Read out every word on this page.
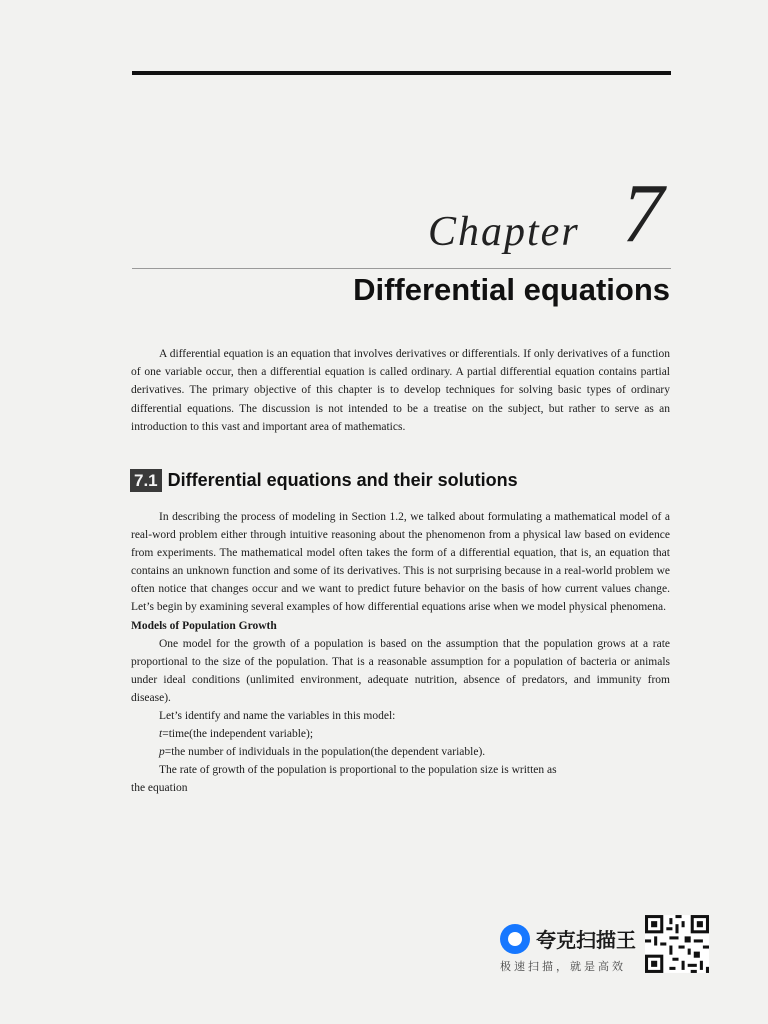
Chapter 7
Differential equations

A differential equation is an equation that involves derivatives or differentials. If only derivatives of a function of one variable occur, then a differential equation is called ordinary. A partial differential equation contains partial derivatives. The primary objective of this chapter is to develop techniques for solving basic types of ordinary differential equations. The discussion is not intended to be a treatise on the subject, but rather to serve as an introduction to this vast and important area of mathematics.

7.1 Differential equations and their solutions

In describing the process of modeling in Section 1.2, we talked about formulating a mathematical model of a real-word problem either through intuitive reasoning about the phenomenon from a physical law based on evidence from experiments. The mathematical model often takes the form of a differential equation, that is, an equation that contains an unknown function and some of its derivatives. This is not surprising because in a real-world problem we often notice that changes occur and we want to predict future behavior on the basis of how current values change. Let’s begin by examining several examples of how differential equations arise when we model physical phenomena.

Models of Population Growth

One model for the growth of a population is based on the assumption that the population grows at a rate proportional to the size of the population. That is a reasonable assumption for a population of bacteria or animals under ideal conditions (unlimited environment, adequate nutrition, absence of predators, and immunity from disease).

Let’s identify and name the variables in this model:

t=time(the independent variable);

p=the number of individuals in the population(the dependent variable).

The rate of growth of the population is proportional to the population size is written as

the equation

夸克扫描王
极速扫描，就是高效
